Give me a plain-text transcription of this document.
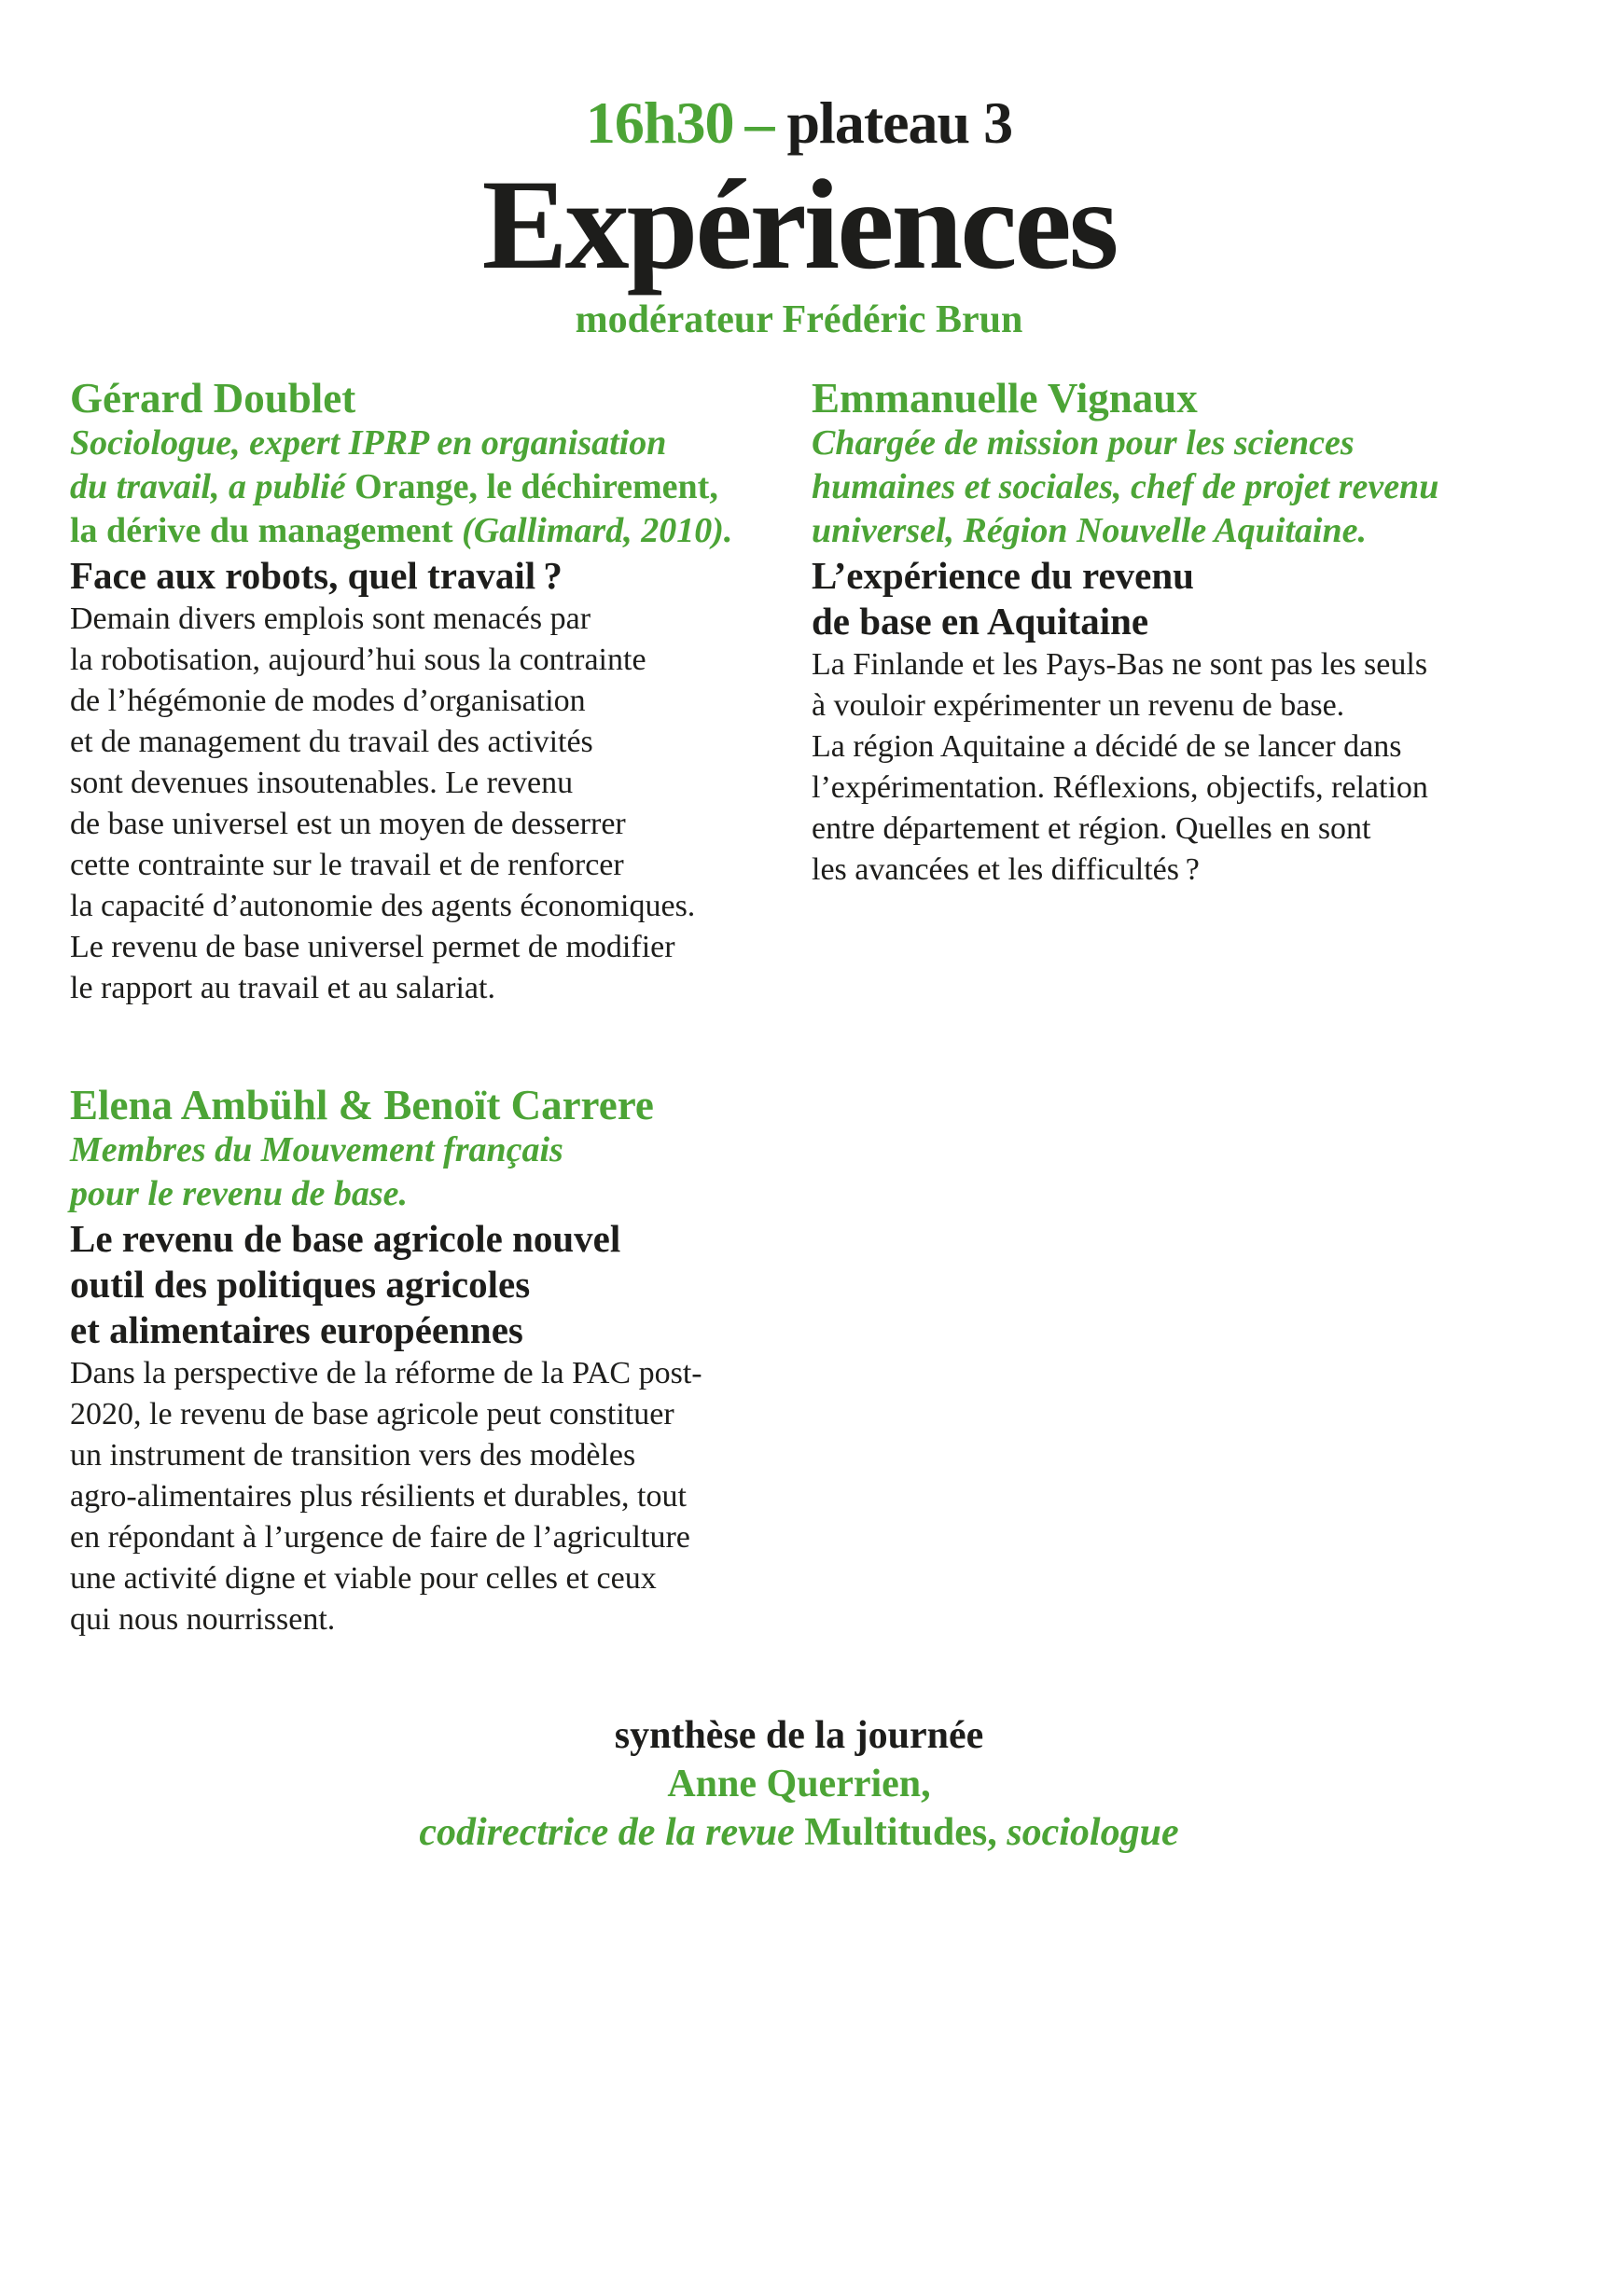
16h30 – plateau 3
Expériences
modérateur Frédéric Brun
Gérard Doublet

Sociologue, expert IPRP en organisation
du travail, a publié Orange, le déchirement,
la dérive du management (Gallimard, 2010).

Face aux robots, quel travail ?

Demain divers emplois sont menacés par
la robotisation, aujourd’hui sous la contrainte
de l’hégémonie de modes d’organisation
et de management du travail des activités
sont devenues insoutenables. Le revenu
de base universel est un moyen de desserrer
cette contrainte sur le travail et de renforcer
la capacité d’autonomie des agents économiques.
Le revenu de base universel permet de modifier
le rapport au travail et au salariat.

Elena Ambühl & Benoït Carrere

Membres du Mouvement français
pour le revenu de base.

Le revenu de base agricole nouvel
outil des politiques agricoles
et alimentaires européennes

Dans la perspective de la réforme de la PAC post-
2020, le revenu de base agricole peut constituer
un instrument de transition vers des modèles
agro-alimentaires plus résilients et durables, tout
en répondant à l’urgence de faire de l’agriculture
une activité digne et viable pour celles et ceux
qui nous nourrissent.

Emmanuelle Vignaux

Chargée de mission pour les sciences
humaines et sociales, chef de projet revenu
universel, Région Nouvelle Aquitaine.

L’expérience du revenu
de base en Aquitaine

La Finlande et les Pays-Bas ne sont pas les seuls
à vouloir expérimenter un revenu de base.
La région Aquitaine a décidé de se lancer dans
l’expérimentation. Réflexions, objectifs, relation
entre département et région. Quelles en sont
les avancées et les difficultés ?

synthèse de la journée
Anne Querrien,
codirectrice de la revue Multitudes, sociologue
